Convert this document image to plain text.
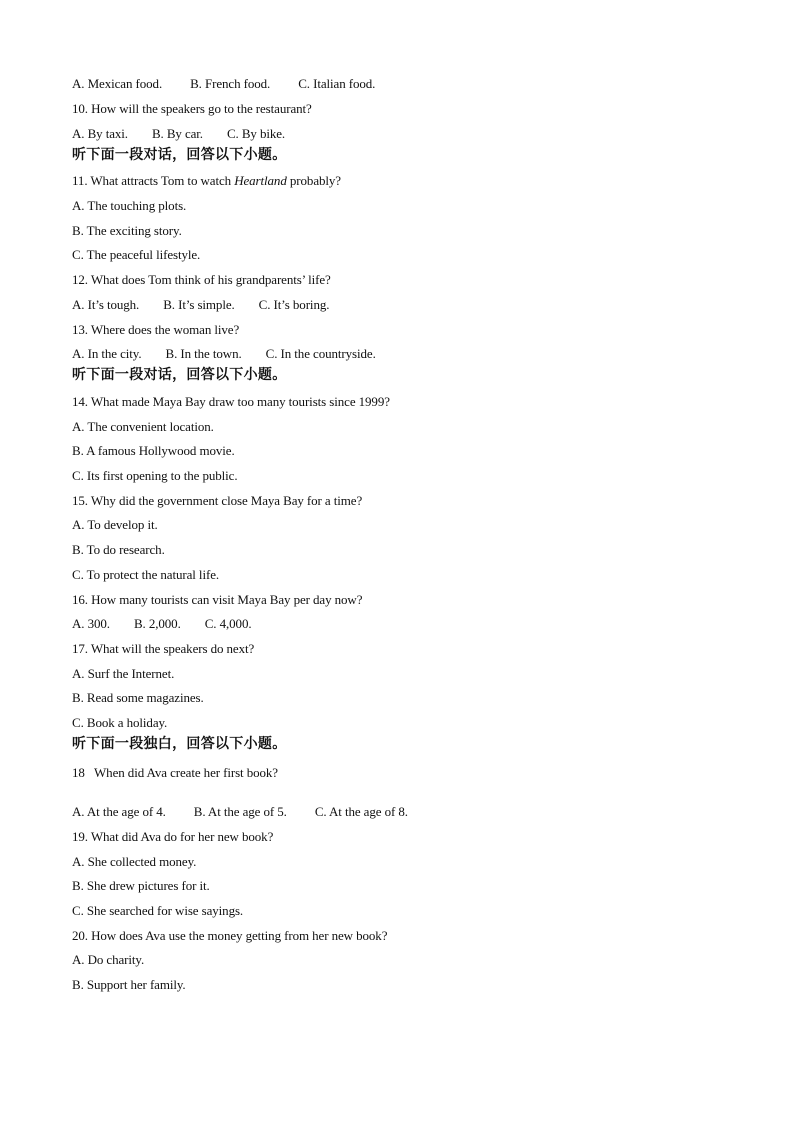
A. Mexican food. B. French food. C. Italian food.
10. How will the speakers go to the restaurant?
A. By taxi. B. By car. C. By bike.
听下面一段对话，回答以下小题。
11. What attracts Tom to watch Heartland probably?
A. The touching plots.
B. The exciting story.
C. The peaceful lifestyle.
12. What does Tom think of his grandparents’ life?
A. It’s tough. B. It’s simple. C. It’s boring.
13. Where does the woman live?
A. In the city. B. In the town. C. In the countryside.
听下面一段对话，回答以下小题。
14. What made Maya Bay draw too many tourists since 1999?
A. The convenient location.
B. A famous Hollywood movie.
C. Its first opening to the public.
15. Why did the government close Maya Bay for a time?
A. To develop it.
B. To do research.
C. To protect the natural life.
16. How many tourists can visit Maya Bay per day now?
A. 300. B. 2,000. C. 4,000.
17. What will the speakers do next?
A. Surf the Internet.
B. Read some magazines.
C. Book a holiday.
听下面一段独白，回答以下小题。
18   When did Ava create her first book?
A. At the age of 4. B. At the age of 5. C. At the age of 8.
19. What did Ava do for her new book?
A. She collected money.
B. She drew pictures for it.
C. She searched for wise sayings.
20. How does Ava use the money getting from her new book?
A. Do charity.
B. Support her family.
